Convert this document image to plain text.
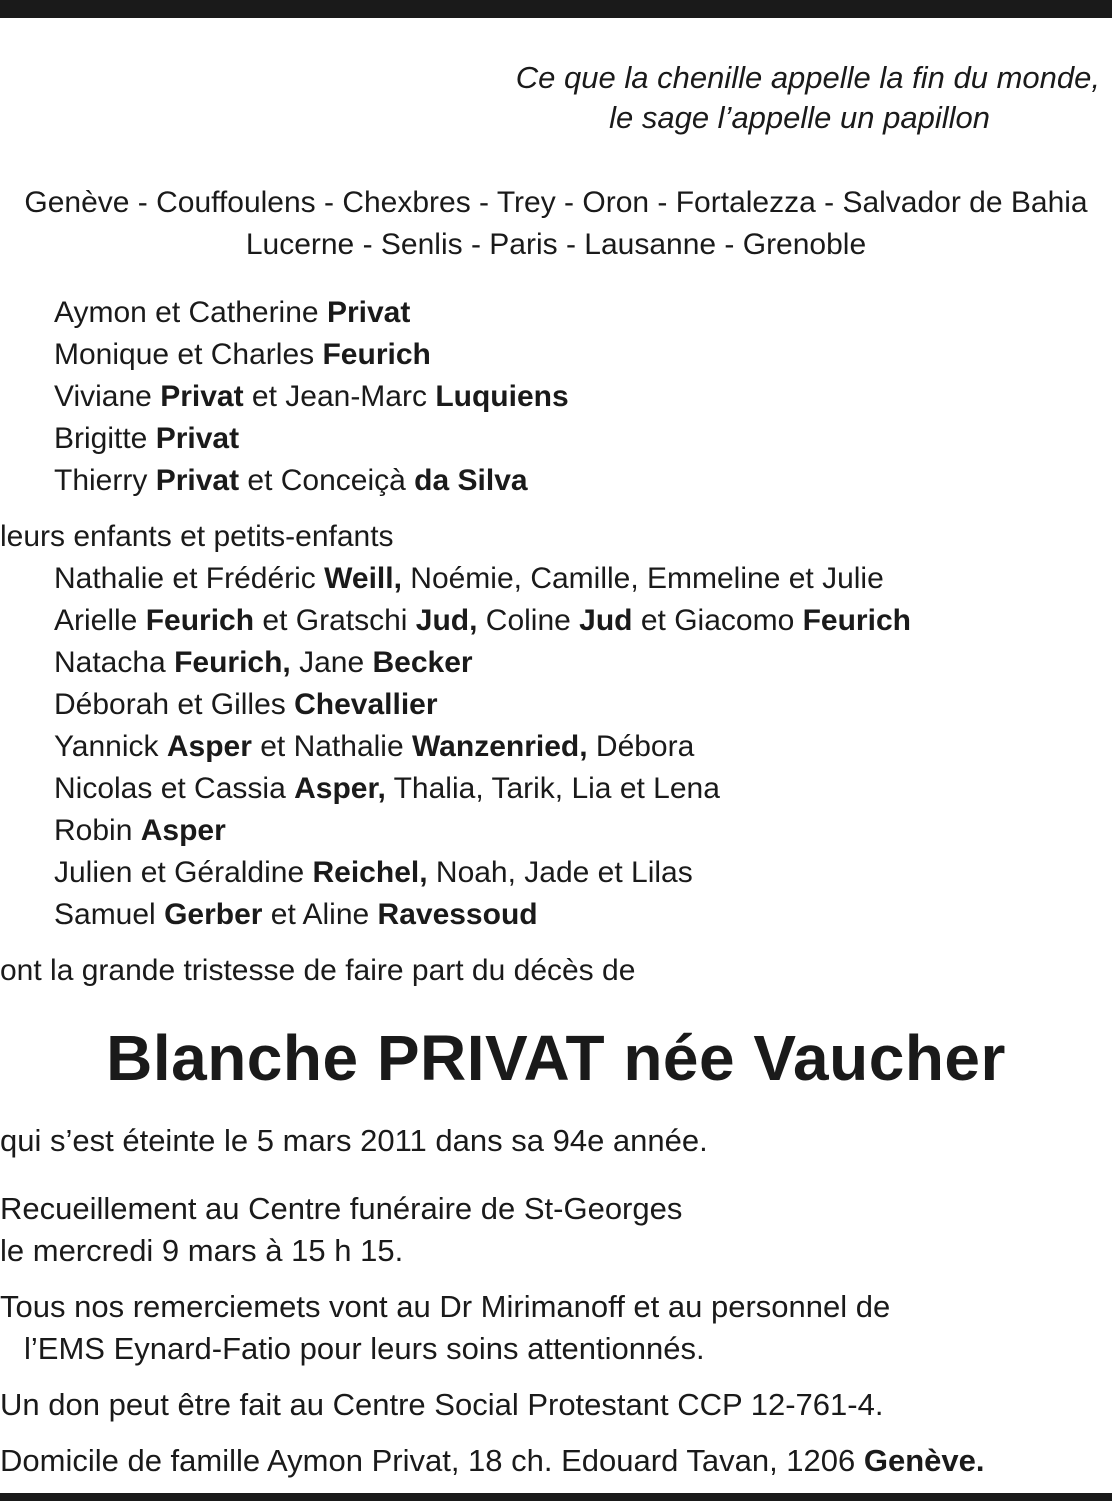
Ce que la chenille appelle la fin du monde,
le sage l’appelle un papillon
Genève - Couffoulens - Chexbres - Trey - Oron - Fortalezza - Salvador de Bahia
Lucerne - Senlis - Paris - Lausanne - Grenoble
Aymon et Catherine Privat
Monique et Charles Feurich
Viviane Privat et Jean-Marc Luquiens
Brigitte Privat
Thierry Privat et Conceiçà da Silva
leurs enfants et petits-enfants
Nathalie et Frédéric Weill, Noémie, Camille, Emmeline et Julie
Arielle Feurich et Gratschi Jud, Coline Jud et Giacomo Feurich
Natacha Feurich, Jane Becker
Déborah et Gilles Chevallier
Yannick Asper et Nathalie Wanzenried, Débora
Nicolas et Cassia Asper, Thalia, Tarik, Lia et Lena
Robin Asper
Julien et Géraldine Reichel, Noah, Jade et Lilas
Samuel Gerber et Aline Ravessoud
ont la grande tristesse de faire part du décès de
Blanche PRIVAT née Vaucher
qui s’est éteinte le 5 mars 2011 dans sa 94e année.
Recueillement au Centre funéraire de St-Georges
le mercredi 9 mars à 15 h 15.
Tous nos remerciemets vont au Dr Mirimanoff et au personnel de
l’EMS Eynard-Fatio pour leurs soins attentionnés.
Un don peut être fait au Centre Social Protestant CCP 12-761-4.
Domicile de famille Aymon Privat, 18 ch. Edouard Tavan, 1206 Genève.
